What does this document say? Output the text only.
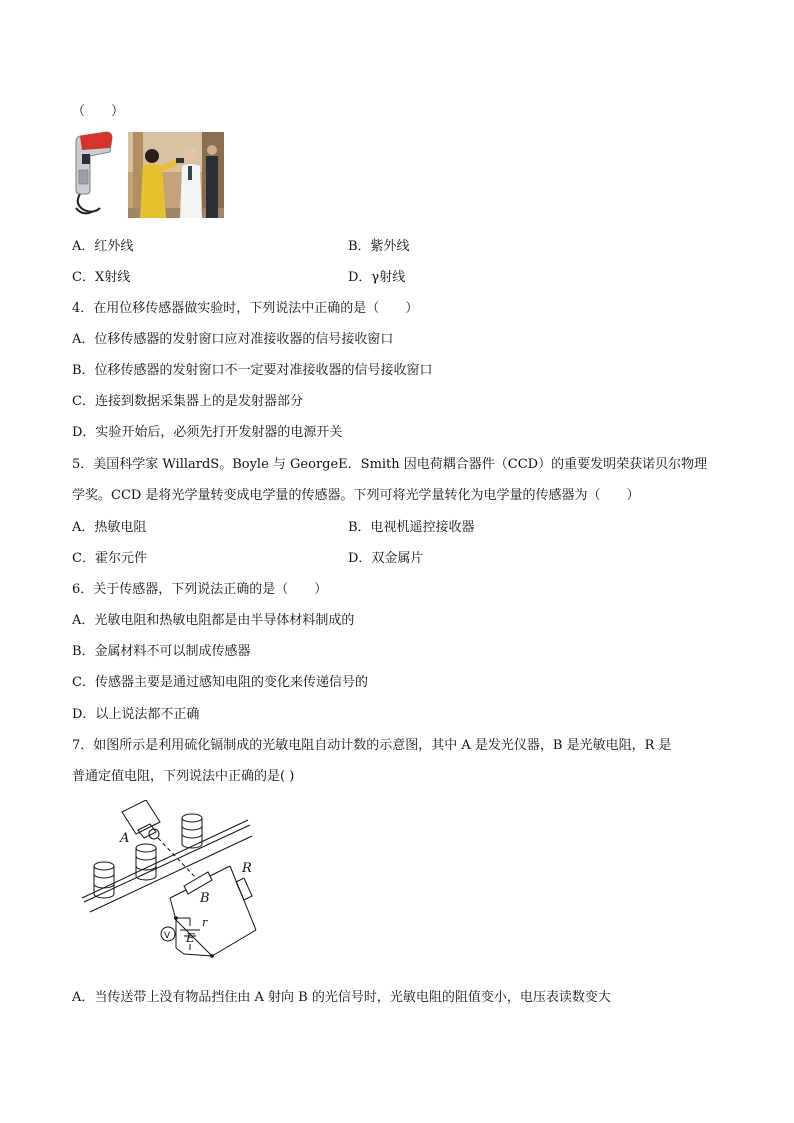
（　　）
A．红外线	B．紫外线
C．X射线	D．γ射线
4．在用位移传感器做实验时，下列说法中正确的是（　　）
A．位移传感器的发射窗口应对准接收器的信号接收窗口
B．位移传感器的发射窗口不一定要对准接收器的信号接收窗口
C．连接到数据采集器上的是发射器部分
D．实验开始后，必须先打开发射器的电源开关
5．美国科学家 WillardS。Boyle 与 GeorgeE．Smith 因电荷耦合器件（CCD）的重要发明荣获诺贝尔物理
学奖。CCD 是将光学量转变成电学量的传感器。下列可将光学量转化为电学量的传感器为（　　）
A．热敏电阻	B．电视机遥控接收器
C．霍尔元件	D．双金属片
6．关于传感器，下列说法正确的是（　　）
A．光敏电阻和热敏电阻都是由半导体材料制成的
B．金属材料不可以制成传感器
C．传感器主要是通过感知电阻的变化来传递信号的
D．以上说法都不正确
7．如图所示是利用硫化镉制成的光敏电阻自动计数的示意图，其中 A 是发光仪器，B 是光敏电阻，R 是
普通定值电阻，下列说法中正确的是( )
A
B
R
r
E
V
A．当传送带上没有物品挡住由 A 射向 B 的光信号时，光敏电阻的阻值变小，电压表读数变大
